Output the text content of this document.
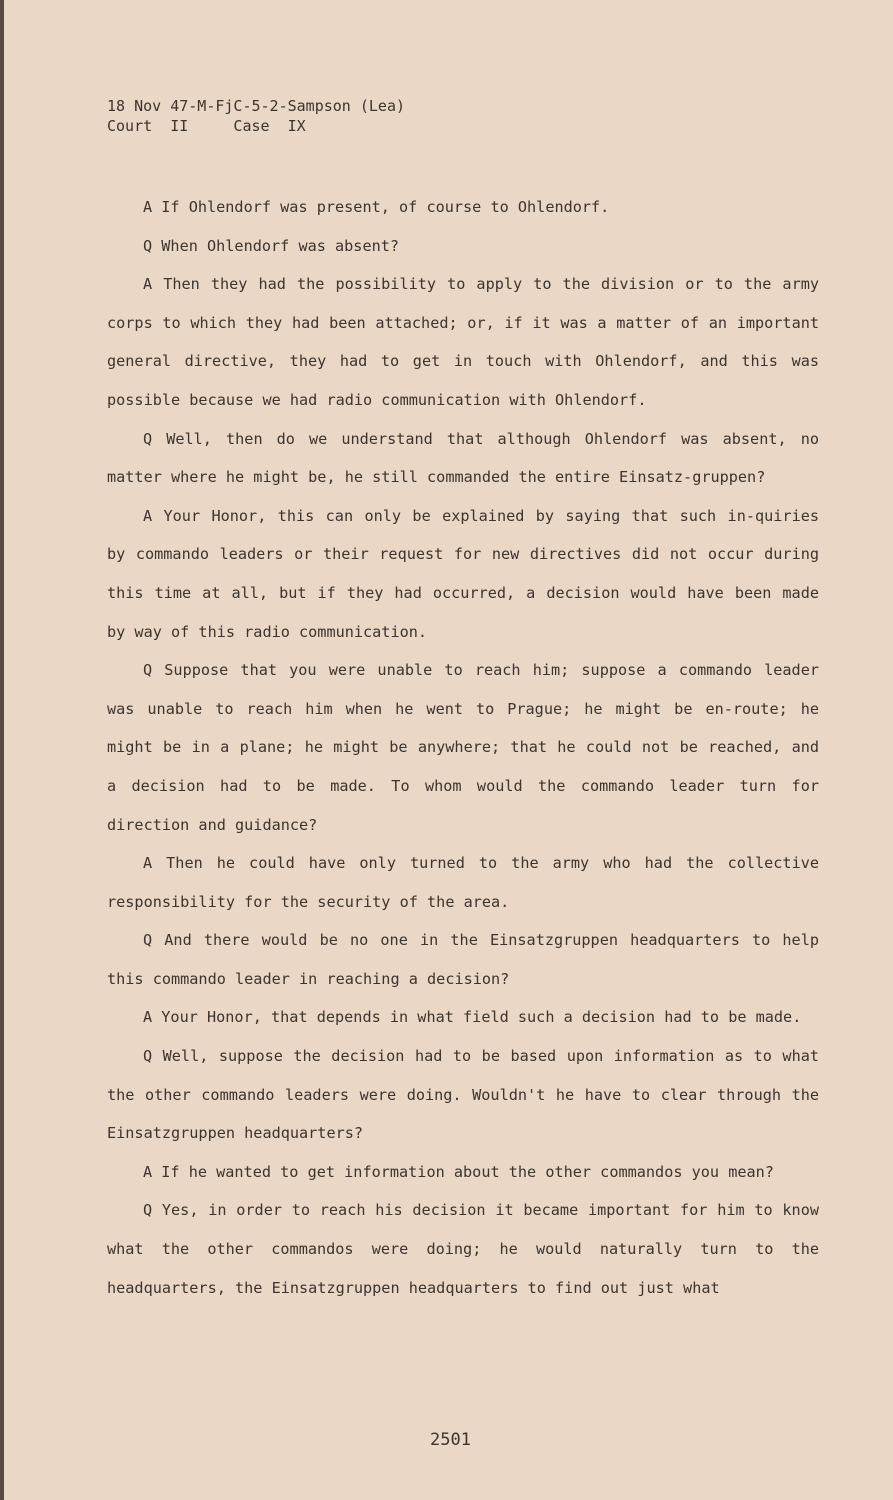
18 Nov 47-M-FjC-5-2-Sampson (Lea)
Court  II     Case  IX

A If Ohlendorf was present, of course to Ohlendorf.

Q When Ohlendorf was absent?

A Then they had the possibility to apply to the division or to the army corps to which they had been attached; or, if it was a matter of an important general directive, they had to get in touch with Ohlendorf, and this was possible because we had radio communication with Ohlendorf.

Q Well, then do we understand that although Ohlendorf was absent, no matter where he might be, he still commanded the entire Einsatz-gruppen?

A Your Honor, this can only be explained by saying that such in-quiries by commando leaders or their request for new directives did not occur during this time at all, but if they had occurred, a decision would have been made by way of this radio communication.

Q Suppose that you were unable to reach him; suppose a commando leader was unable to reach him when he went to Prague; he might be en-route; he might be in a plane; he might be anywhere; that he could not be reached, and a decision had to be made. To whom would the commando leader turn for direction and guidance?

A Then he could have only turned to the army who had the collective responsibility for the security of the area.

Q And there would be no one in the Einsatzgruppen headquarters to help this commando leader in reaching a decision?

A Your Honor, that depends in what field such a decision had to be made.

Q Well, suppose the decision had to be based upon information as to what the other commando leaders were doing. Wouldn't he have to clear through the Einsatzgruppen headquarters?

A If he wanted to get information about the other commandos you mean?

Q Yes, in order to reach his decision it became important for him to know what the other commandos were doing; he would naturally turn to the headquarters, the Einsatzgruppen headquarters to find out just what

2501
